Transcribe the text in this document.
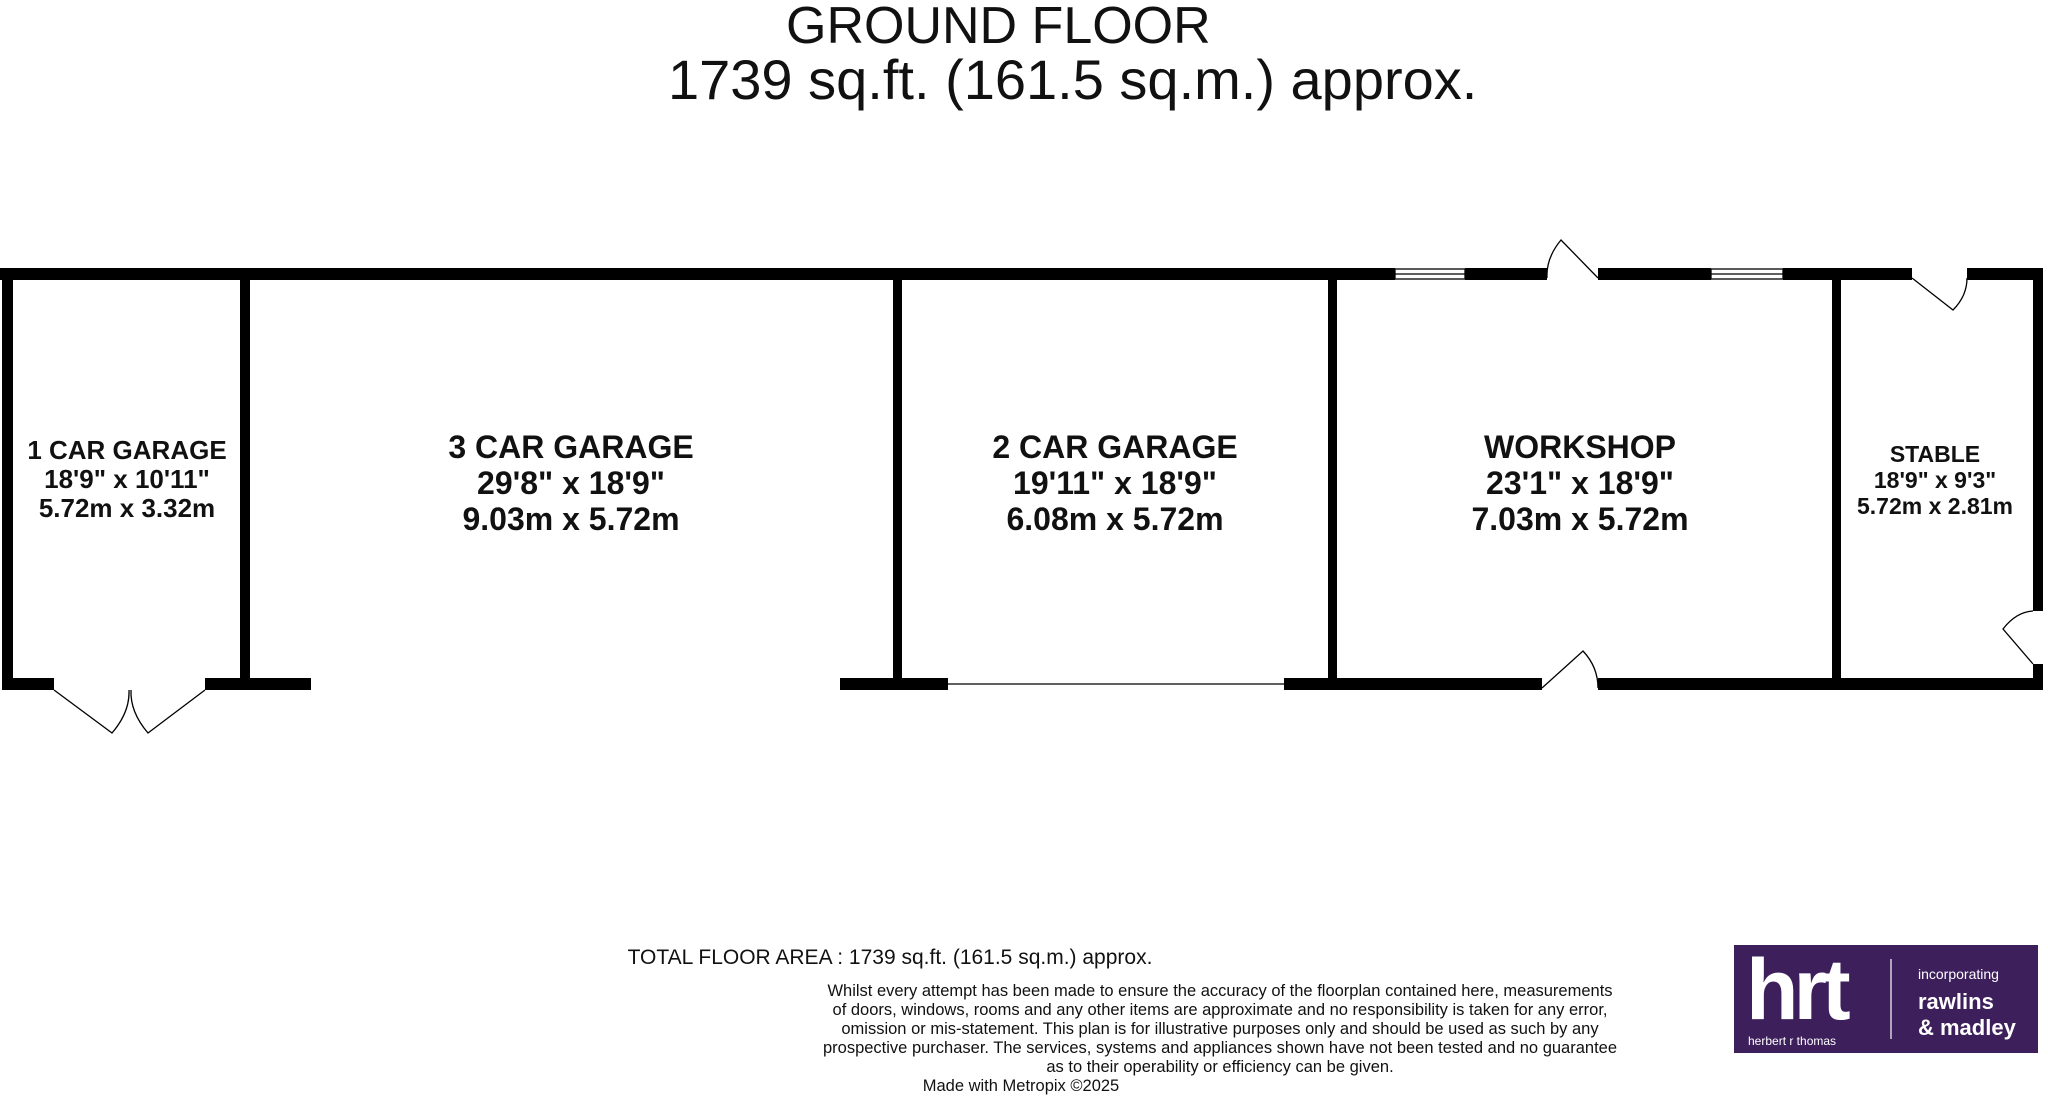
GROUND FLOOR
1739 sq.ft. (161.5 sq.m.) approx.
1 CAR GARAGE
18'9" x 10'11"
5.72m x 3.32m
3 CAR GARAGE
29'8" x 18'9"
9.03m x 5.72m
2 CAR GARAGE
19'11" x 18'9"
6.08m x 5.72m
WORKSHOP
23'1" x 18'9"
7.03m x 5.72m
STABLE
18'9" x 9'3"
5.72m x 2.81m
TOTAL FLOOR AREA : 1739 sq.ft. (161.5 sq.m.) approx.
Whilst every attempt has been made to ensure the accuracy of the floorplan contained here, measurements
of doors, windows, rooms and any other items are approximate and no responsibility is taken for any error,
omission or mis-statement. This plan is for illustrative purposes only and should be used as such by any
prospective purchaser. The services, systems and appliances shown have not been tested and no guarantee
as to their operability or efficiency can be given.
Made with Metropix ©2025
hrt
herbert r thomas
incorporating
rawlins
& madley
